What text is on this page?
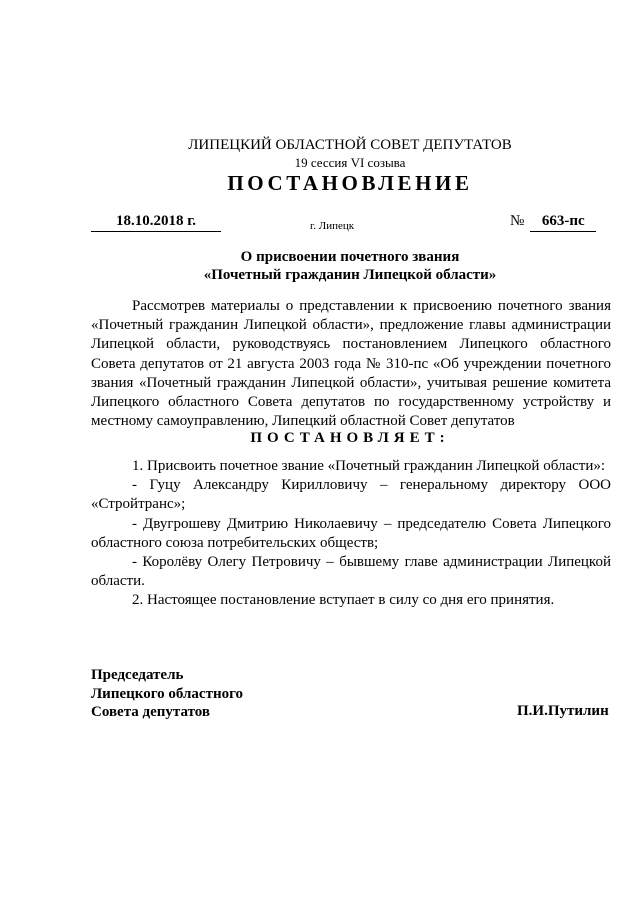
ЛИПЕЦКИЙ ОБЛАСТНОЙ СОВЕТ ДЕПУТАТОВ
19 сессия VI созыва
ПОСТАНОВЛЕНИЕ
18.10.2018 г.	г. Липецк	№ 663-пс
О присвоении почетного звания
«Почетный гражданин Липецкой области»

Рассмотрев материалы о представлении к присвоению почетного звания «Почетный гражданин Липецкой области», предложение главы администрации Липецкой области, руководствуясь постановлением Липецкого областного Совета депутатов от 21 августа 2003 года № 310-пс «Об учреждении почетного звания «Почетный гражданин Липецкой области», учитывая решение комитета Липецкого областного Совета депутатов по государственному устройству и местному самоуправлению, Липецкий областной Совет депутатов

ПОСТАНОВЛЯЕТ:

1. Присвоить почетное звание «Почетный гражданин Липецкой области»:

- Гуцу Александру Кирилловичу – генеральному директору ООО «Стройтранс»;

- Двугрошеву Дмитрию Николаевичу – председателю Совета Липецкого областного союза потребительских обществ;

- Королёву Олегу Петровичу – бывшему главе администрации Липецкой области.

2. Настоящее постановление вступает в силу со дня его принятия.

Председатель
Липецкого областного
Совета депутатов	П.И.Путилин
